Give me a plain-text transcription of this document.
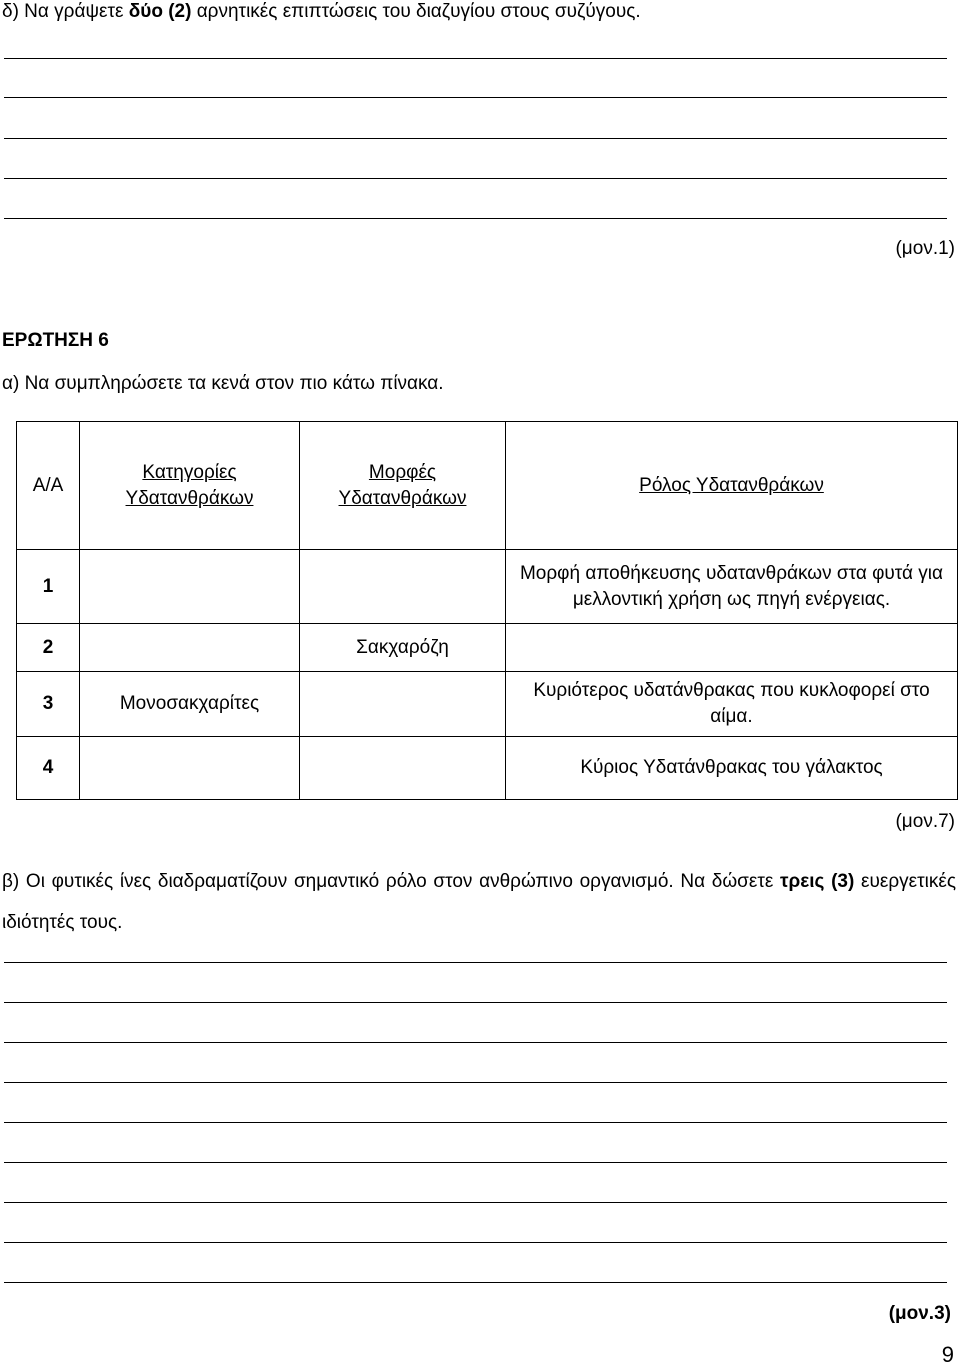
δ) Να γράψετε δύο (2) αρνητικές επιπτώσεις του διαζυγίου στους συζύγους.
(μον.1)
ΕΡΩΤΗΣΗ 6
α) Να συμπληρώσετε τα κενά στον πιο κάτω πίνακα.
Α/Α	Κατηγορίες Υδατανθράκων	Μορφές Υδατανθράκων	Ρόλος Υδατανθράκων
1			Μορφή αποθήκευσης υδατανθράκων στα φυτά για μελλοντική χρήση ως πηγή ενέργειας.
2		Σακχαρόζη	
3	Μονοσακχαρίτες		Κυριότερος υδατάνθρακας που κυκλοφορεί στο αίμα.
4			Κύριος Υδατάνθρακας του γάλακτος
(μον.7)
β) Οι φυτικές ίνες διαδραματίζουν σημαντικό ρόλο στον ανθρώπινο οργανισμό. Να δώσετε τρεις (3) ευεργετικές ιδιότητές τους.
(μον.3)
9
